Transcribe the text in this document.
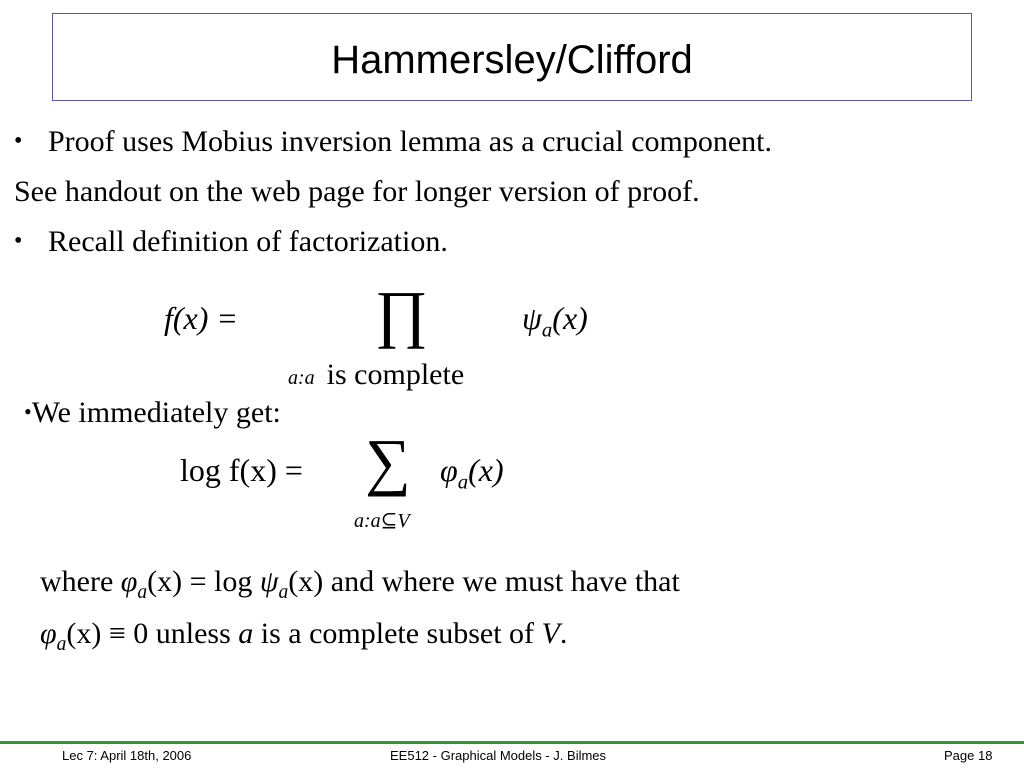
Hammersley/Clifford
• Proof uses Mobius inversion lemma as a crucial component.
See handout on the web page for longer version of proof.
• Recall definition of factorization.
f(x) = ∏	$\psi_a(x)$
a:a is complete
•We immediately get:
log f(x) = ∑ $\varphi_a(x)$
a:a⊆V
where $\varphi_a(x) = \log \psi_a(x)$ and where we must have that
$\varphi_a(x) \equiv 0$ unless a is a complete subset of V.
Lec 7: April 18th, 2006	EE512 - Graphical Models - J. Bilmes	Page 18
